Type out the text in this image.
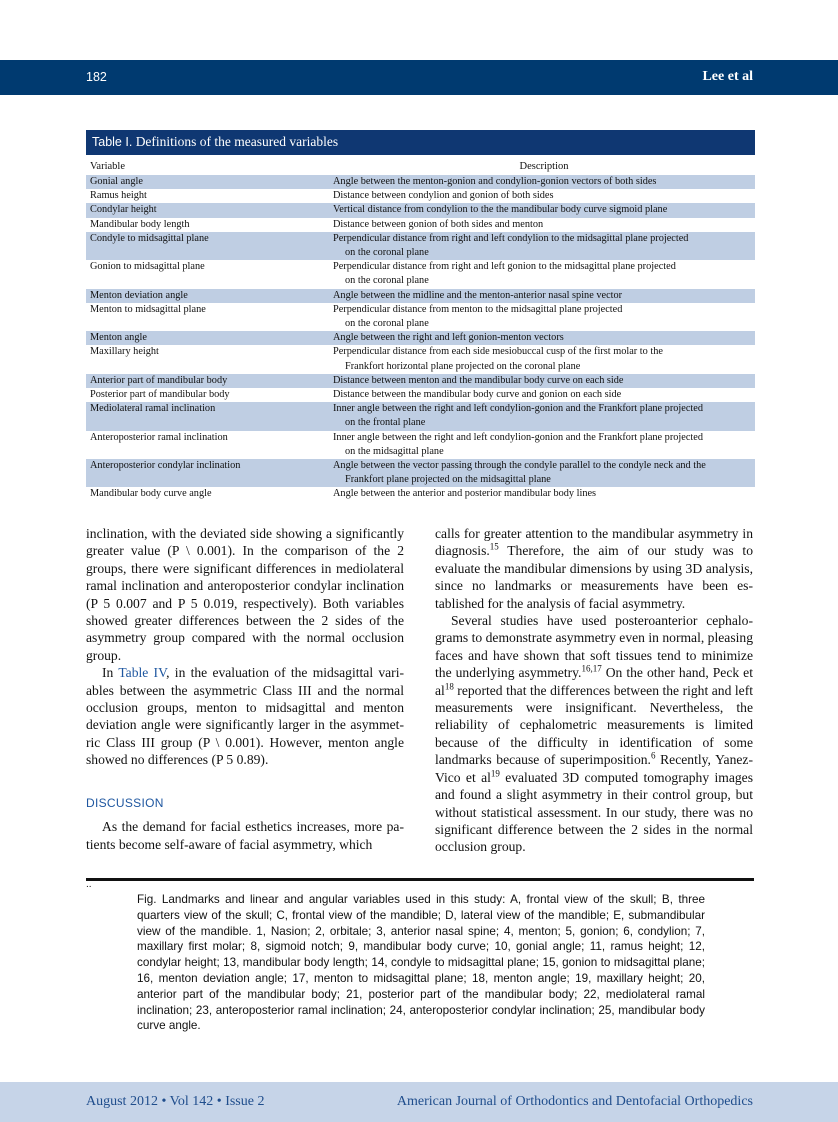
182	Lee et al
Table I. Definitions of the measured variables
Variable	Description
Gonial angle	Angle between the menton-gonion and condylion-gonion vectors of both sides
Ramus height	Distance between condylion and gonion of both sides
Condylar height	Vertical distance from condylion to the the mandibular body curve sigmoid plane
Mandibular body length	Distance between gonion of both sides and menton
Condyle to midsagittal plane	Perpendicular distance from right and left condylion to the midsagittal plane projected
on the coronal plane
Gonion to midsagittal plane	Perpendicular distance from right and left gonion to the midsagittal plane projected
on the coronal plane
Menton deviation angle	Angle between the midline and the menton-anterior nasal spine vector
Menton to midsagittal plane	Perpendicular distance from menton to the midsagittal plane projected
on the coronal plane
Menton angle	Angle between the right and left gonion-menton vectors
Maxillary height	Perpendicular distance from each side mesiobuccal cusp of the first molar to the
Frankfort horizontal plane projected on the coronal plane
Anterior part of mandibular body	Distance between menton and the mandibular body curve on each side
Posterior part of mandibular body	Distance between the mandibular body curve and gonion on each side
Mediolateral ramal inclination	Inner angle between the right and left condylion-gonion and the Frankfort plane projected
on the frontal plane
Anteroposterior ramal inclination	Inner angle between the right and left condylion-gonion and the Frankfort plane projected
on the midsagittal plane
Anteroposterior condylar inclination	Angle between the vector passing through the condyle parallel to the condyle neck and the
Frankfort plane projected on the midsagittal plane
Mandibular body curve angle	Angle between the anterior and posterior mandibular body lines

inclination, with the deviated side showing a significantly greater value (P \ 0.001). In the comparison of the 2 groups, there were significant differences in mediolateral ramal inclination and anteroposterior condylar inclination (P 5 0.007 and P 5 0.019, respectively). Both variables showed greater differences between the 2 sides of the asymmetry group compared with the normal occlusion group.

In Table IV, in the evaluation of the midsagittal variables between the asymmetric Class III and the normal occlusion groups, menton to midsagittal and menton deviation angle were significantly larger in the asymmetric Class III group (P \ 0.001). However, menton angle showed no differences (P 5 0.89).

DISCUSSION

As the demand for facial esthetics increases, more patients become self-aware of facial asymmetry, which

calls for greater attention to the mandibular asymmetry in diagnosis.$^{15}$ Therefore, the aim of our study was to evaluate the mandibular dimensions by using 3D analysis, since no landmarks or measurements have been established for the analysis of facial asymmetry.

Several studies have used posteroanterior cephalograms to demonstrate asymmetry even in normal, pleasing faces and have shown that soft tissues tend to minimize the underlying asymmetry.$^{16,17}$ On the other hand, Peck et $al^{18}$ reported that the differences between the right and left measurements were insignificant. Nevertheless, the reliability of cephalometric measurements is limited because of the difficulty in identification of some landmarks because of superimposition.$^6$ Recently, Yanez-Vico et $al^{19}$ evaluated 3D computed tomography images and found a slight asymmetry in their control group, but without statistical assessment. In our study, there was no significant difference between the 2 sides in the normal occlusion group.

..
Fig. Landmarks and linear and angular variables used in this study: A, frontal view of the skull; B, three quarters view of the skull; C, frontal view of the mandible; D, lateral view of the mandible; E, submandibular view of the mandible. 1, Nasion; 2, orbitale; 3, anterior nasal spine; 4, menton; 5, gonion; 6, condylion; 7, maxillary first molar; 8, sigmoid notch; 9, mandibular body curve; 10, gonial angle; 11, ramus height; 12, condylar height; 13, mandibular body length; 14, condyle to midsagittal plane; 15, gonion to midsagittal plane; 16, menton deviation angle; 17, menton to midsagittal plane; 18, menton angle; 19, maxillary height; 20, anterior part of the mandibular body; 21, posterior part of the mandibular body; 22, mediolateral ramal inclination; 23, anteroposterior ramal inclination; 24, anteroposterior condylar inclination; 25, mandibular body curve angle.
August 2012 • Vol 142 • Issue 2	American Journal of Orthodontics and Dentofacial Orthopedics
